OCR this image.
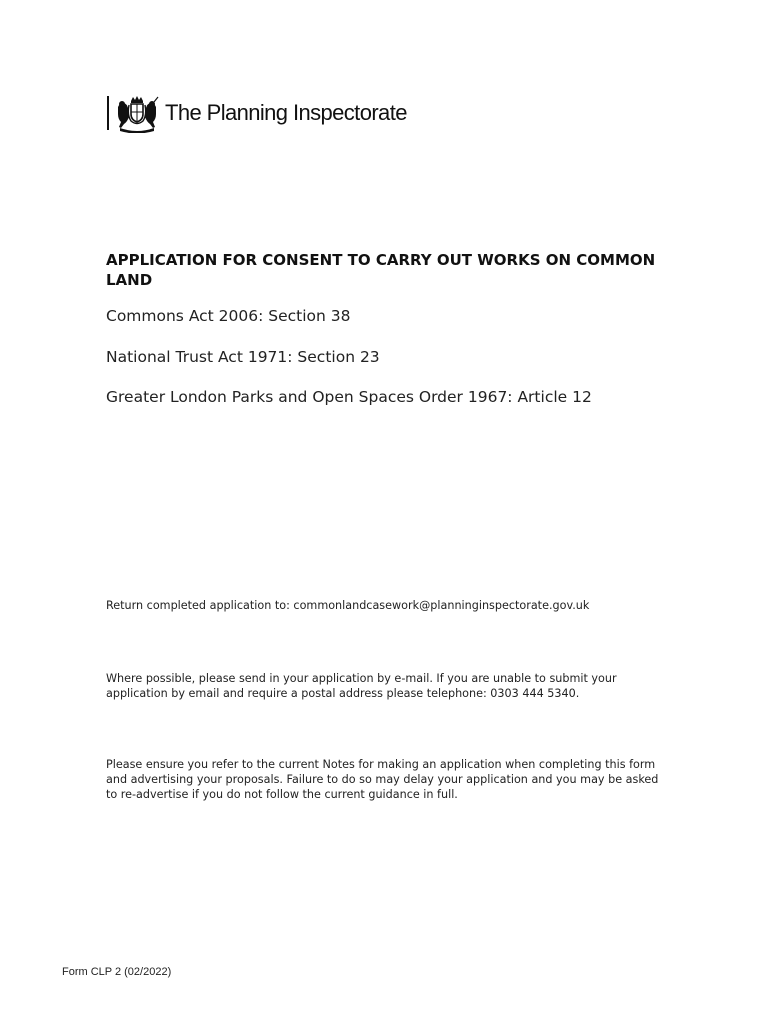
The Planning Inspectorate
APPLICATION FOR CONSENT TO CARRY OUT WORKS ON COMMON LAND

Commons Act 2006: Section 38

National Trust Act 1971: Section 23

Greater London Parks and Open Spaces Order 1967: Article 12

Return completed application to: commonlandcasework@planninginspectorate.gov.uk

Where possible, please send in your application by e-mail. If you are unable to submit your application by email and require a postal address please telephone: 0303 444 5340.

Please ensure you refer to the current Notes for making an application when completing this form and advertising your proposals. Failure to do so may delay your application and you may be asked to re-advertise if you do not follow the current guidance in full.

Form CLP 2 (02/2022)
